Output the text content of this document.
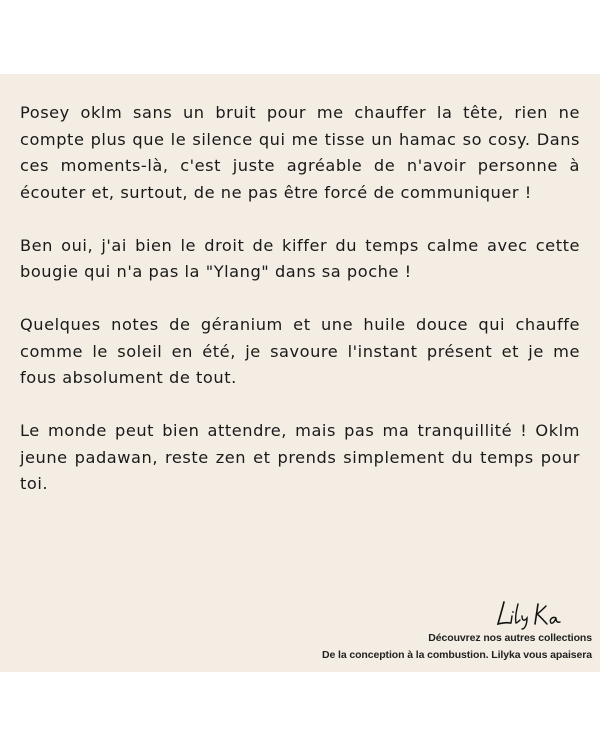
Posey oklm sans un bruit pour me chauffer la tête, rien ne compte plus que le silence qui me tisse un hamac so cosy. Dans ces moments-là, c'est juste agréable de n'avoir personne à écouter et, surtout, de ne pas être forcé de communiquer !

Ben oui, j'ai bien le droit de kiffer du temps calme avec cette bougie qui n'a pas la "Ylang" dans sa poche !

Quelques notes de géranium et une huile douce qui chauffe comme le soleil en été, je savoure l'instant présent et je me fous absolument de tout.

Le monde peut bien attendre, mais pas ma tranquillité ! Oklm jeune padawan, reste zen et prends simplement du temps pour toi.

Découvrez nos autres collections
De la conception à la combustion. Lilyka vous apaisera
